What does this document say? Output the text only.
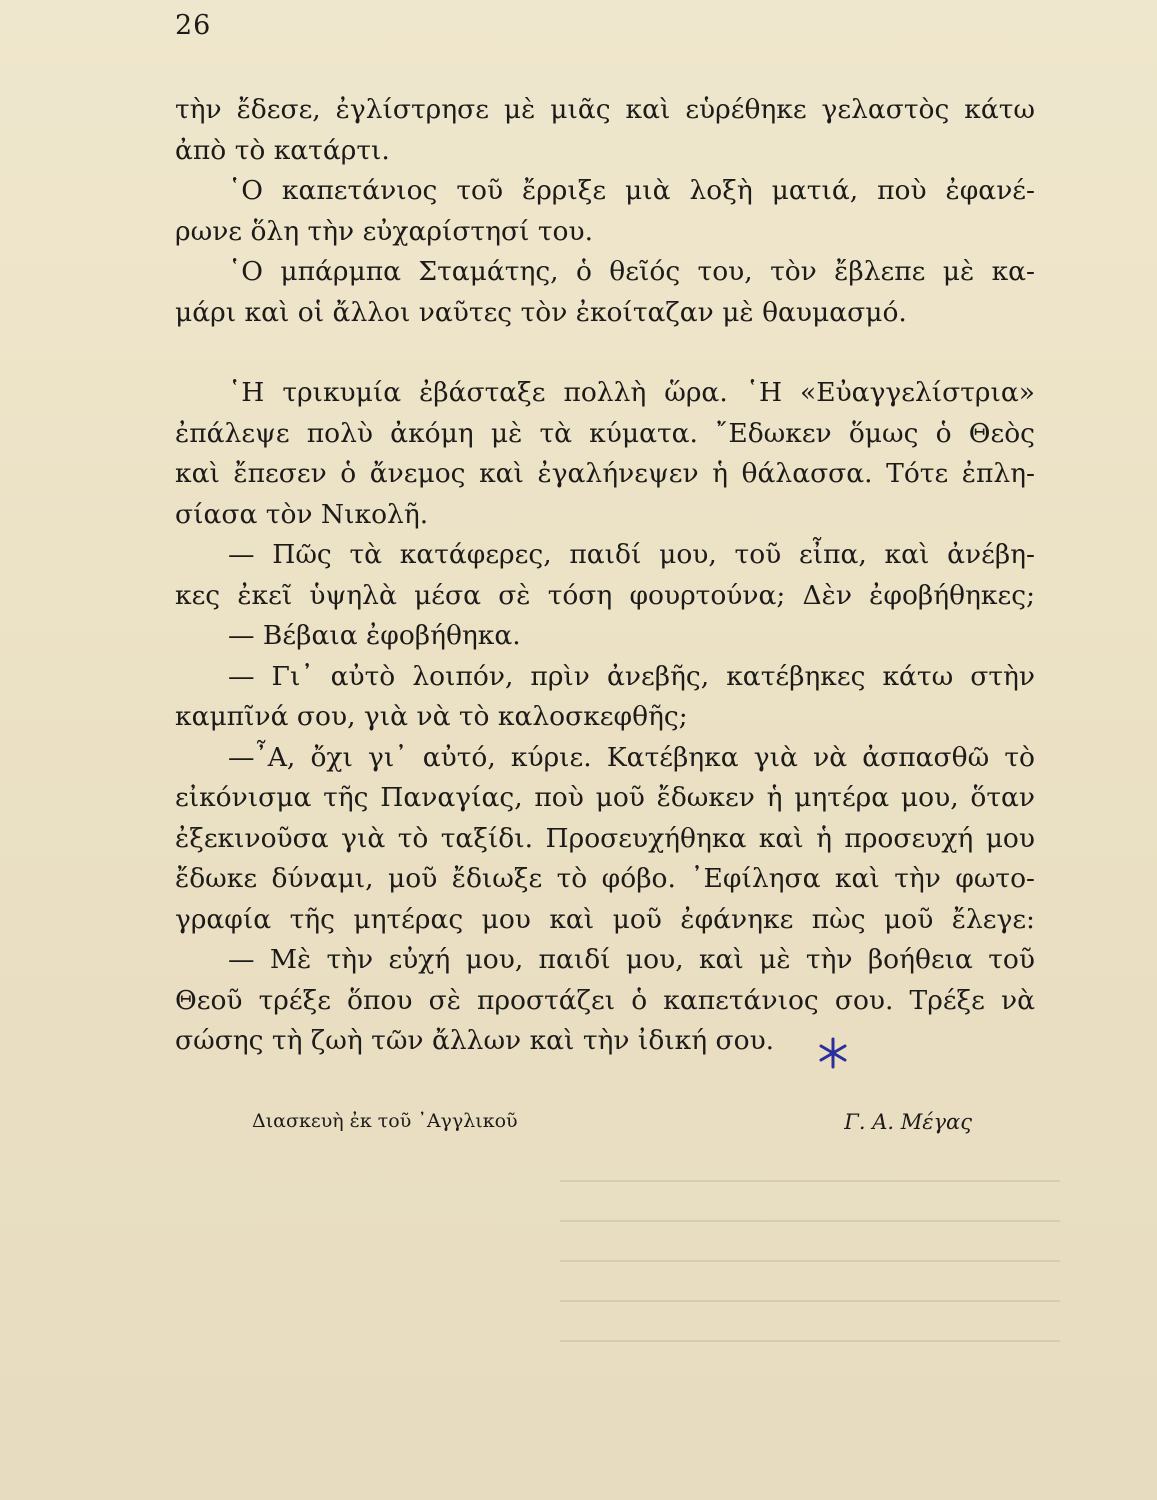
26
τὴν ἔδεσε, ἐγλίστρησε μὲ μιᾶς καὶ εὑρέθηκε γελαστὸς κάτω
ἀπὸ τὸ κατάρτι.
῾Ο καπετάνιος τοῦ ἔρριξε μιὰ λοξὴ ματιά, ποὺ ἐφανέ-
ρωνε ὅλη τὴν εὐχαρίστησί του.
῾Ο μπάρμπα Σταμάτης, ὁ θεῖός του, τὸν ἔβλεπε μὲ κα-
μάρι καὶ οἱ ἄλλοι ναῦτες τὸν ἐκοίταζαν μὲ θαυμασμό.
῾Η τρικυμία ἐβάσταξε πολλὴ ὥρα. ῾Η «Εὐαγγελίστρια»
ἐπάλεψε πολὺ ἀκόμη μὲ τὰ κύματα. ῎Εδωκεν ὅμως ὁ Θεὸς
καὶ ἔπεσεν ὁ ἄνεμος καὶ ἐγαλήνεψεν ἡ θάλασσα. Τότε ἐπλη-
σίασα τὸν Νικολῆ.
— Πῶς τὰ κατάφερες, παιδί μου, τοῦ εἶπα, καὶ ἀνέβη-
κες ἐκεῖ ὑψηλὰ μέσα σὲ τόση φουρτούνα; Δὲν ἐφοβήθηκες;
— Βέβαια ἐφοβήθηκα.
— Γι᾿ αὐτὸ λοιπόν, πρὶν ἀνεβῆς, κατέβηκες κάτω στὴν
καμπῖνά σου, γιὰ νὰ τὸ καλοσκεφθῆς;
—῏Α, ὄχι γι᾿ αὐτό, κύριε. Κατέβηκα γιὰ νὰ ἀσπασθῶ τὸ
εἰκόνισμα τῆς Παναγίας, ποὺ μοῦ ἔδωκεν ἡ μητέρα μου, ὅταν
ἐξεκινοῦσα γιὰ τὸ ταξίδι. Προσευχήθηκα καὶ ἡ προσευχή μου
ἔδωκε δύναμι, μοῦ ἔδιωξε τὸ φόβο. ᾿Εφίλησα καὶ τὴν φωτο-
γραφία τῆς μητέρας μου καὶ μοῦ ἐφάνηκε πὼς μοῦ ἔλεγε:
— Μὲ τὴν εὐχή μου, παιδί μου, καὶ μὲ τὴν βοήθεια τοῦ
Θεοῦ τρέξε ὅπου σὲ προστάζει ὁ καπετάνιος σου. Τρέξε νὰ
σώσης τὴ ζωὴ τῶν ἄλλων καὶ τὴν ἰδική σου.
Διασκευὴ ἐκ τοῦ ᾿Αγγλικοῦ	Γ. Α. Μέγας
